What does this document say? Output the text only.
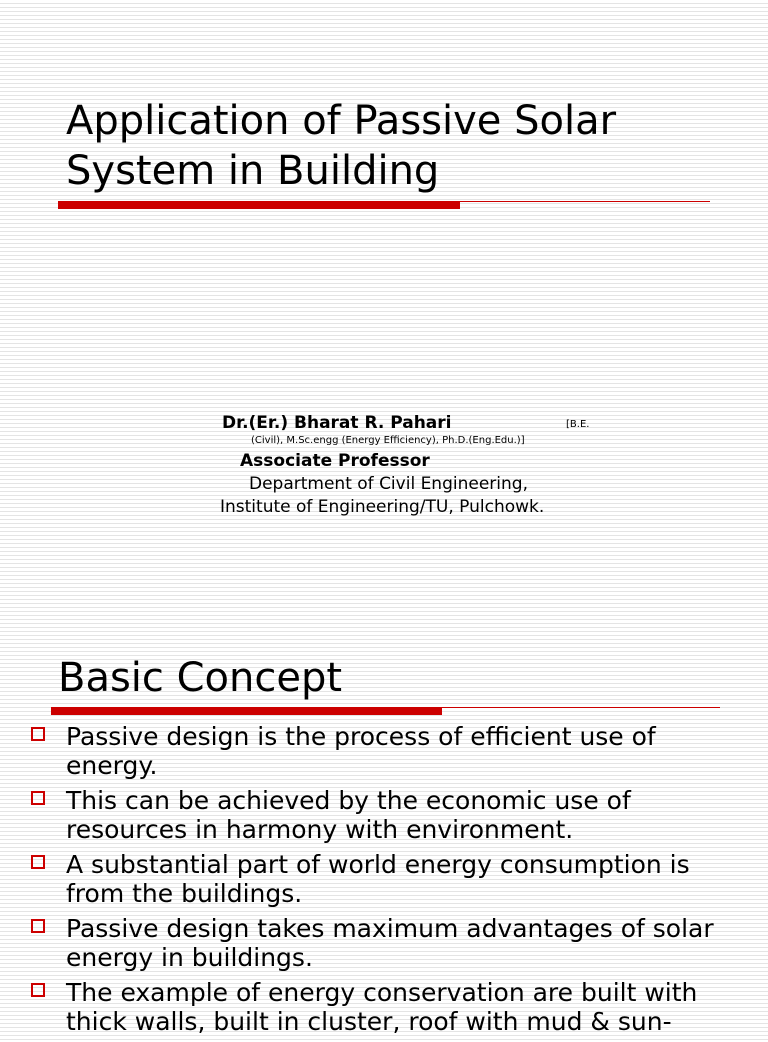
Application of Passive Solar System in Building
Dr.(Er.) Bharat R. Pahari	[B.E.
(Civil), M.Sc.engg (Energy Efficiency), Ph.D.(Eng.Edu.)]
Associate Professor
Department of Civil Engineering,
Institute of Engineering/TU, Pulchowk.
Basic Concept
Passive design is the process of efficient use of energy.
This can be achieved by the economic use of resources in harmony with environment.
A substantial part of world energy consumption is from the buildings.
Passive design takes maximum advantages of solar energy in buildings.
The example of energy conservation are built with thick walls, built in cluster, roof with mud & sun-
